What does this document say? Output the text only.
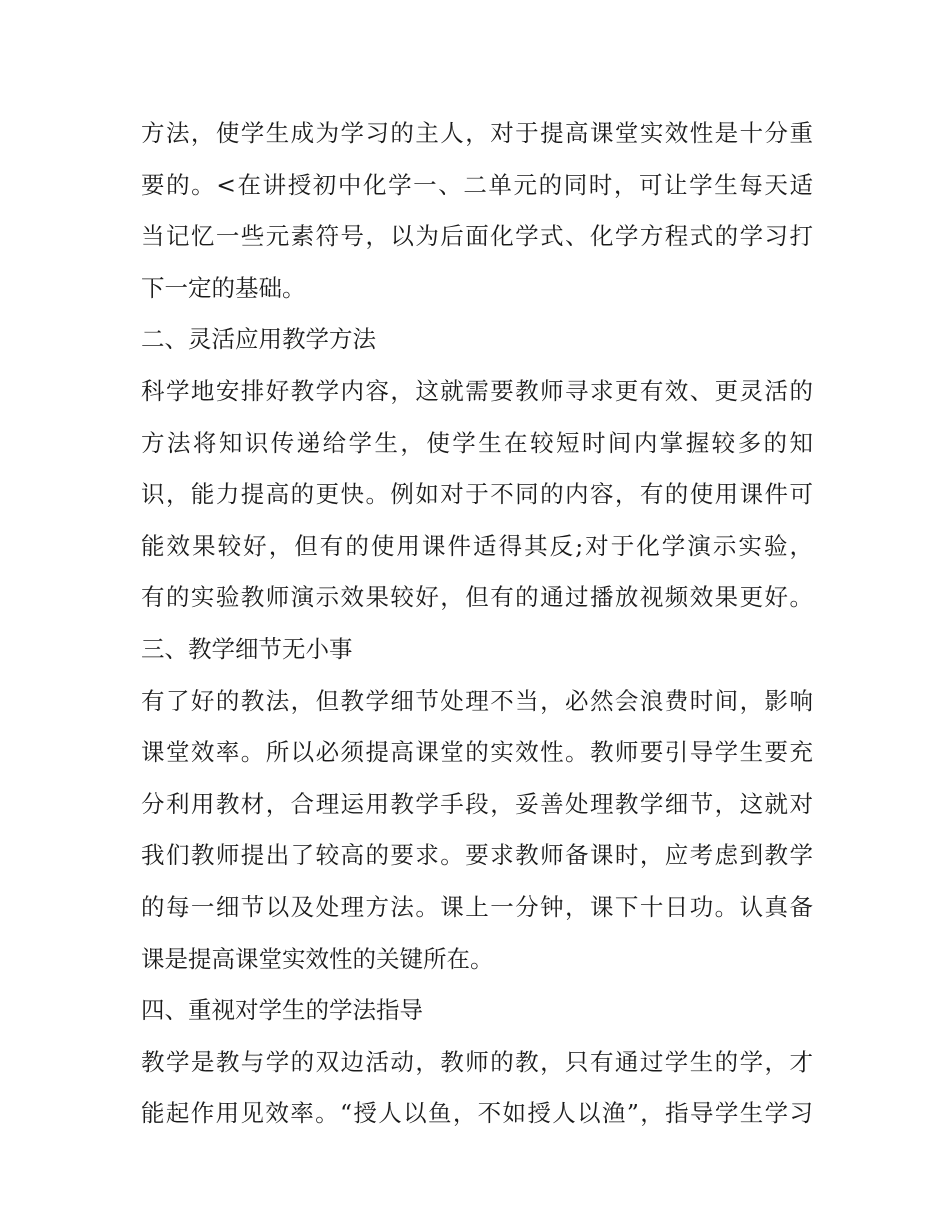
方法，使学生成为学习的主人，对于提高课堂实效性是十分重
要的。<在讲授初中化学一、二单元的同时，可让学生每天适
当记忆一些元素符号，以为后面化学式、化学方程式的学习打
下一定的基础。
二、灵活应用教学方法
科学地安排好教学内容，这就需要教师寻求更有效、更灵活的
方法将知识传递给学生，使学生在较短时间内掌握较多的知
识，能力提高的更快。例如对于不同的内容，有的使用课件可
能效果较好，但有的使用课件适得其反;对于化学演示实验，
有的实验教师演示效果较好，但有的通过播放视频效果更好。
三、教学细节无小事
有了好的教法，但教学细节处理不当，必然会浪费时间，影响
课堂效率。所以必须提高课堂的实效性。教师要引导学生要充
分利用教材，合理运用教学手段，妥善处理教学细节，这就对
我们教师提出了较高的要求。要求教师备课时，应考虑到教学
的每一细节以及处理方法。课上一分钟，课下十日功。认真备
课是提高课堂实效性的关键所在。
四、重视对学生的学法指导
教学是教与学的双边活动，教师的教，只有通过学生的学，才
能起作用见效率。“授人以鱼，不如授人以渔”，指导学生学习
